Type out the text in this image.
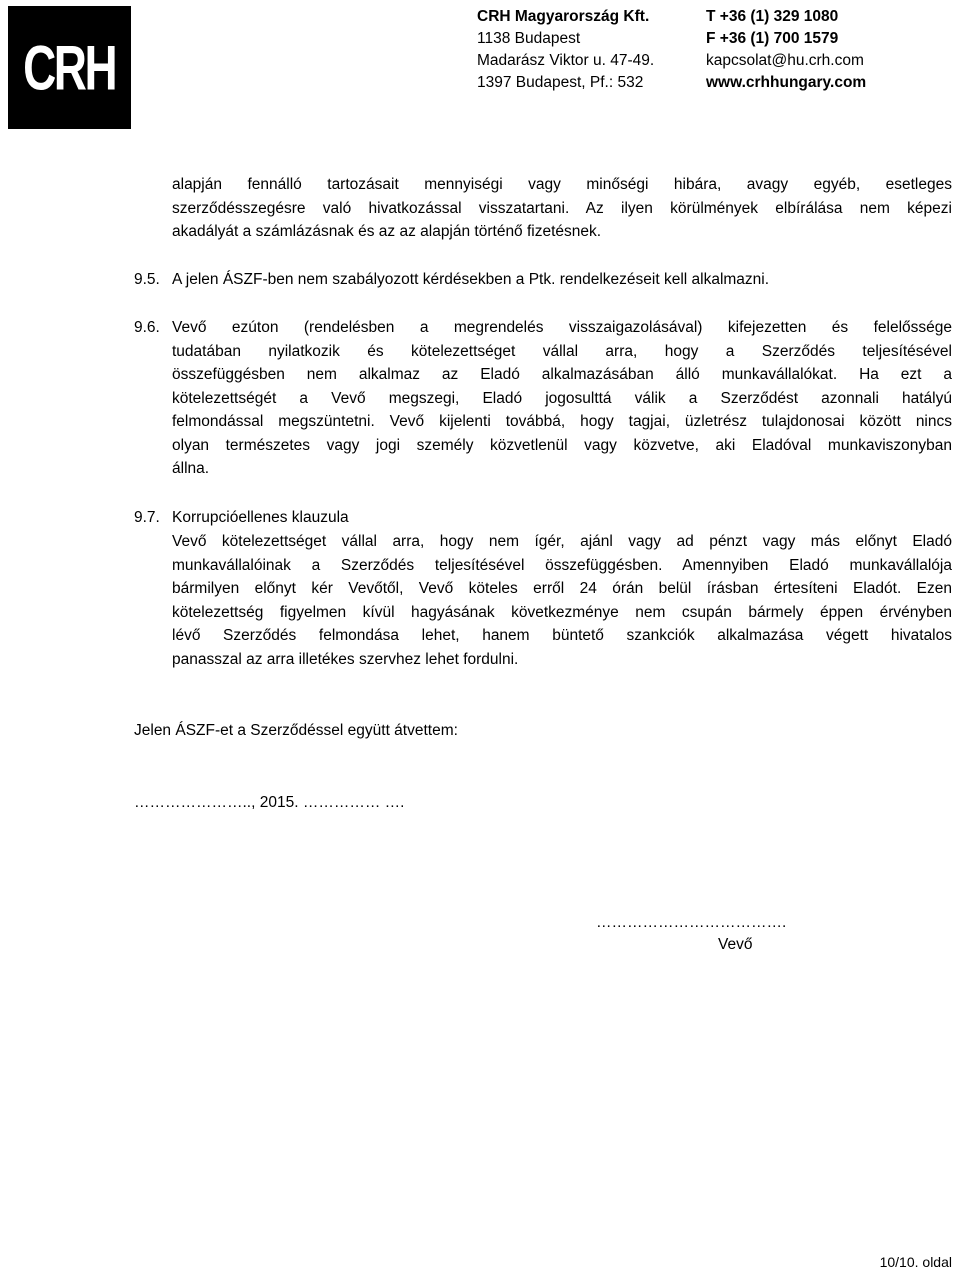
CRH
CRH Magyarország Kft.
1138 Budapest
Madarász Viktor u. 47-49.
1397 Budapest, Pf.: 532
T +36 (1) 329 1080
F +36 (1) 700 1579
kapcsolat@hu.crh.com
www.crhhungary.com
alapján fennálló tartozásait mennyiségi vagy minőségi hibára, avagy egyéb, esetleges
szerződésszegésre való hivatkozással visszatartani. Az ilyen körülmények elbírálása nem képezi
akadályát a számlázásnak és az az alapján történő fizetésnek.
9.5. A jelen ÁSZF-ben nem szabályozott kérdésekben a Ptk. rendelkezéseit kell alkalmazni.
9.6. Vevő ezúton (rendelésben a megrendelés visszaigazolásával) kifejezetten és felelőssége
tudatában nyilatkozik és kötelezettséget vállal arra, hogy a Szerződés teljesítésével
összefüggésben nem alkalmaz az Eladó alkalmazásában álló munkavállalókat. Ha ezt a
kötelezettségét a Vevő megszegi, Eladó jogosulttá válik a Szerződést azonnali hatályú
felmondással megszüntetni. Vevő kijelenti továbbá, hogy tagjai, üzletrész tulajdonosai között nincs
olyan természetes vagy jogi személy közvetlenül vagy közvetve, aki Eladóval munkaviszonyban
állna.
9.7. Korrupcióellenes klauzula
Vevő kötelezettséget vállal arra, hogy nem ígér, ajánl vagy ad pénzt vagy más előnyt Eladó
munkavállalóinak a Szerződés teljesítésével összefüggésben. Amennyiben Eladó munkavállalója
bármilyen előnyt kér Vevőtől, Vevő köteles erről 24 órán belül írásban értesíteni Eladót. Ezen
kötelezettség figyelmen kívül hagyásának következménye nem csupán bármely éppen érvényben
lévő Szerződés felmondása lehet, hanem büntető szankciók alkalmazása végett hivatalos
panasszal az arra illetékes szervhez lehet fordulni.
Jelen ÁSZF-et a Szerződéssel együtt átvettem:
………………….., 2015. …………… ….
……………………………….
Vevő
10/10. oldal
